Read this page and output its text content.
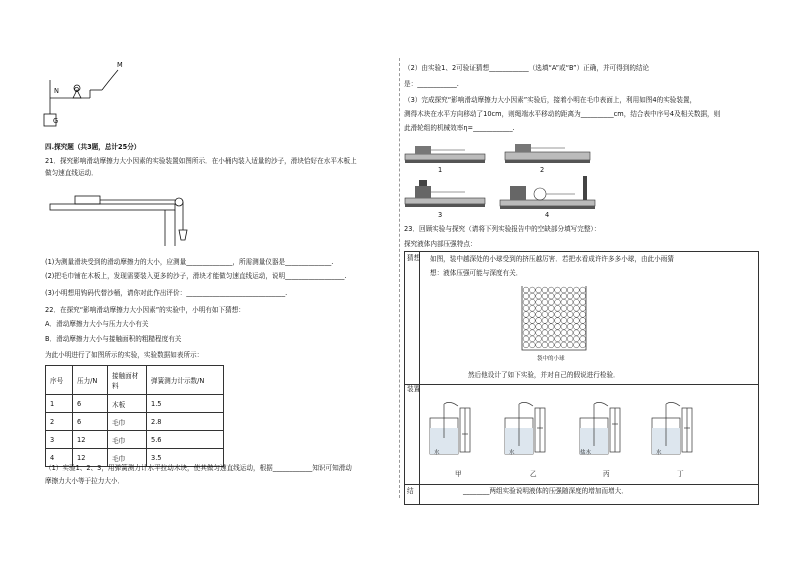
M
N O
G
四.探究题（共3题，总计25分）
21．探究影响滑动摩擦力大小因素的实验装置如图所示．在小桶内装入适量的沙子，滑块恰好在水平木板上
做匀速直线运动．
(1)为测量滑块受到的滑动摩擦力的大小，应测量______________，所需测量仪器是______________.
(2)把毛巾铺在木板上，发现需要装入更多的沙子，滑块才能做匀速直线运动，说明__________________.
(3)小明想用钩码代替沙桶，请你对此作出评价：______________________________.
22．在探究“影响滑动摩擦力大小因素”的实验中，小明有如下猜想：
A．滑动摩擦力大小与压力大小有关
B．滑动摩擦力大小与接触面积的粗糙程度有关
为此小明进行了如图所示的实验，实验数据如表所示：
序号	压力/N	接触面材料	弹簧测力计示数/N
1	6	木板	1.5
2	6	毛巾	2.8
3	12	毛巾	5.6
4	12	毛巾	3.5
（1）实验1、2、3，用弹簧测力计水平拉动木块，使其做匀速直线运动，根据____________知识可知滑动
摩擦力大小等于拉力大小．
（2）由实验1、2可验证猜想____________（选填“A”或“B”）正确，并可得到的结论
是：____________.
（3）完成探究“影响滑动摩擦力大小因素”实验后，接着小明在毛巾表面上，利用如图4的实验装置，
测得木块在水平方向移动了10cm，则绳端水平移动的距离为__________cm，结合表中序号4及相关数据，则
此滑轮组的机械效率η=____________.
1	2
3	4
23．回顾实验与探究（请将下列实验报告中的空缺部分填写完整）：
探究液体内部压强特点：
猜想 如图，装中越深处的小球受到的挤压越厉害．若把水看成许许多多小球，由此小雨猜
想：液体压强可能与深度有关．
袋中的小球
然后他设计了如下实验，并对自己的假说进行检验．
装置
水	水	盐水	水
甲	乙	丙	丁
结	________两组实验说明液体的压强随深度的增加而增大．
